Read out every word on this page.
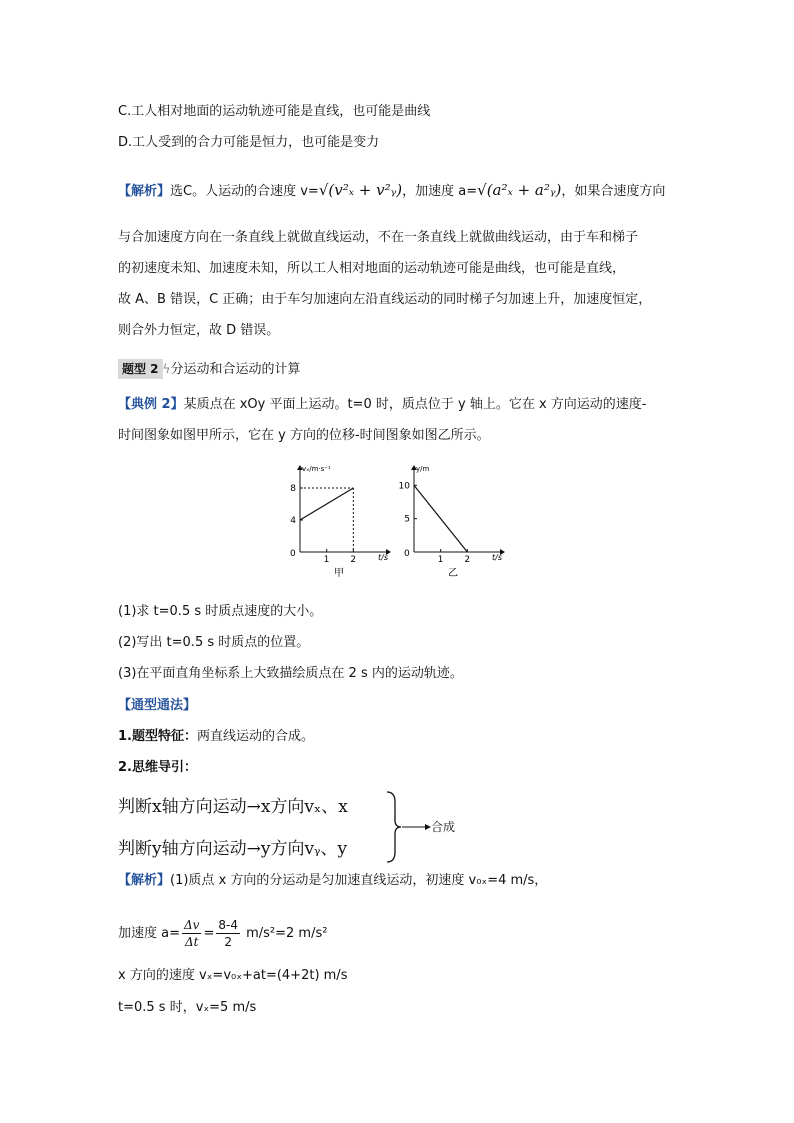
C.工人相对地面的运动轨迹可能是直线，也可能是曲线
D.工人受到的合力可能是恒力，也可能是变力
【解析】选C。人运动的合速度 v=√(v²ₓ + v²ᵧ)，加速度 a=√(a²ₓ + a²ᵧ)，如果合速度方向
与合加速度方向在一条直线上就做直线运动，不在一条直线上就做曲线运动，由于车和梯子
的初速度未知、加速度未知，所以工人相对地面的运动轨迹可能是曲线，也可能是直线，
故 A、B 错误，C 正确；由于车匀加速向左沿直线运动的同时梯子匀加速上升，加速度恒定，
则合外力恒定，故 D 错误。
题型 2 ϟ分运动和合运动的计算
【典例 2】某质点在 xOy 平面上运动。t=0 时，质点位于 y 轴上。它在 x 方向运动的速度-
时间图象如图甲所示，它在 y 方向的位移-时间图象如图乙所示。
0	t/s
vₓ/m·s⁻¹
1 2
4
8
甲
0	t/s
y/m
1 2
5
10
乙
(1)求 t=0.5 s 时质点速度的大小。
(2)写出 t=0.5 s 时质点的位置。
(3)在平面直角坐标系上大致描绘质点在 2 s 内的运动轨迹。
【通型通法】
1.题型特征：两直线运动的合成。
2.思维导引：
判断x轴方向运动→x方向vₓ、x
判断y轴方向运动→y方向vᵧ、y
合成
【解析】(1)质点 x 方向的分运动是匀加速直线运动，初速度 v₀ₓ=4 m/s，
加速度 $a= \frac{\Delta v}{\Delta t} = \frac{8-4}{2} m/s^2=2$ m/s²
x 方向的速度 vₓ=v₀ₓ+at=(4+2t) m/s
t=0.5 s 时，vₓ=5 m/s
